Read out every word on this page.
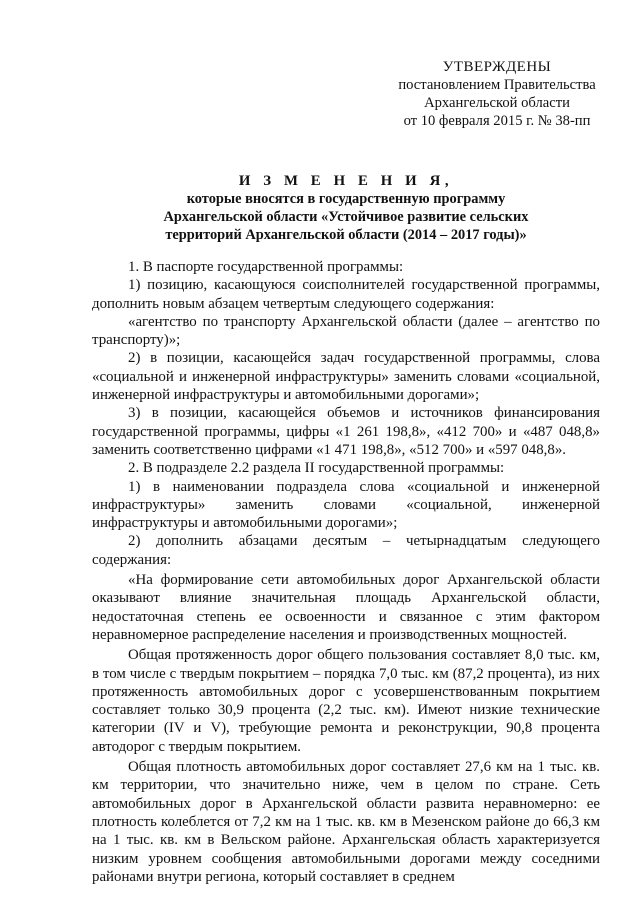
УТВЕРЖДЕНЫ
постановлением Правительства
Архангельской области
от 10 февраля 2015 г. № 38-пп
И З М Е Н Е Н И Я,
которые вносятся в государственную программу
Архангельской области «Устойчивое развитие сельских
территорий Архангельской области (2014 – 2017 годы)»

1. В паспорте государственной программы:

1) позицию, касающуюся соисполнителей государственной программы, дополнить новым абзацем четвертым следующего содержания:

«агентство по транспорту Архангельской области (далее – агентство по транспорту)»;

2) в позиции, касающейся задач государственной программы, слова «социальной и инженерной инфраструктуры» заменить словами «социальной, инженерной инфраструктуры и автомобильными дорогами»;

3) в позиции, касающейся объемов и источников финансирования государственной программы, цифры «1 261 198,8», «412 700» и «487 048,8» заменить соответственно цифрами «1 471 198,8», «512 700» и «597 048,8».

2. В подразделе 2.2 раздела II государственной программы:

1) в наименовании подраздела слова «социальной и инженерной инфраструктуры» заменить словами «социальной, инженерной инфраструктуры и автомобильными дорогами»;

2) дополнить абзацами десятым – четырнадцатым следующего содержания:

«На формирование сети автомобильных дорог Архангельской области оказывают влияние значительная площадь Архангельской области, недостаточная степень ее освоенности и связанное с этим фактором неравномерное распределение населения и производственных мощностей.

Общая протяженность дорог общего пользования составляет 8,0 тыс. км, в том числе с твердым покрытием – порядка 7,0 тыс. км (87,2 процента), из них протяженность автомобильных дорог с усовершенствованным покрытием составляет только 30,9 процента (2,2 тыс. км). Имеют низкие технические категории (IV и V), требующие ремонта и реконструкции, 90,8 процента автодорог с твердым покрытием.

Общая плотность автомобильных дорог составляет 27,6 км на 1 тыс. кв. км территории, что значительно ниже, чем в целом по стране. Сеть автомобильных дорог в Архангельской области развита неравномерно: ее плотность колеблется от 7,2 км на 1 тыс. кв. км в Мезенском районе до 66,3 км на 1 тыс. кв. км в Вельском районе. Архангельская область характеризуется низким уровнем сообщения автомобильными дорогами между соседними районами внутри региона, который составляет в среднем
